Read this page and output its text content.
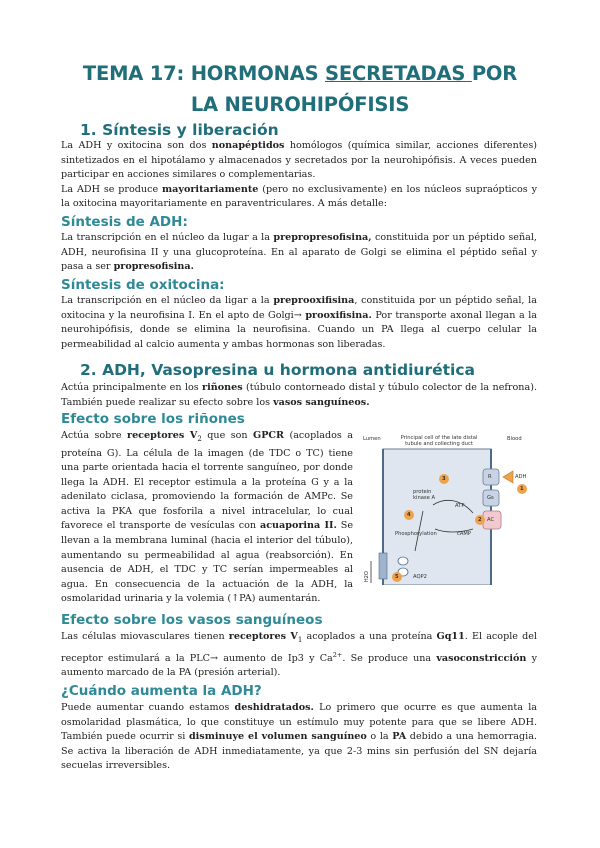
TEMA 17: HORMONAS SECRETADAS POR
LA NEUROHIPÓFISIS
1. Síntesis y liberación

La ADH y oxitocina son dos nonapéptidos homólogos (química similar, acciones diferentes) sintetizados en el hipotálamo y almacenados y secretados por la neurohipófisis. A veces pueden participar en acciones similares o complementarias.
La ADH se produce mayoritariamente (pero no exclusivamente) en los núcleos supraópticos y la oxitocina mayoritariamente en paraventriculares. A más detalle:

Síntesis de ADH:

La transcripción en el núcleo da lugar a la prepropresofisina, constituida por un péptido señal, ADH, neurofisina II y una glucoproteína. En al aparato de Golgi se elimina el péptido señal y pasa a ser propresofisina.

Síntesis de oxitocina:

La transcripción en el núcleo da ligar a la preprooxifisina, constituida por un péptido señal, la oxitocina y la neurofisina I. En el apto de Golgi→ prooxifisina. Por transporte axonal llegan a la neurohipófisis, donde se elimina la neurofisina. Cuando un PA llega al cuerpo celular la permeabilidad al calcio aumenta y ambas hormonas son liberadas.

2. ADH, Vasopresina u hormona antidiurética

Actúa principalmente en los riñones (túbulo contorneado distal y túbulo colector de la nefrona). También puede realizar su efecto sobre los vasos sanguíneos.

Efecto sobre los riñones

Actúa sobre receptores $V_2$ que son GPCR (acoplados a proteína G). La célula de la imagen (de TDC o TC) tiene una parte orientada hacia el torrente sanguíneo, por donde llega la ADH. El receptor estimula a la proteína G y a la adenilato ciclasa, promoviendo la formación de AMPc. Se activa la PKA que fosforila a nivel intracelular, lo cual favorece el transporte de vesículas con acuaporina II. Se llevan a la membrana luminal (hacia el interior del túbulo), aumentando su permeabilidad al agua (reabsorción). En ausencia de ADH, el TDC y TC serían impermeables al agua. En consecuencia de la actuación de la ADH, la osmolaridad urinaria y la volemia (↑PA) aumentarán.

Lumen	Principal cell of the late distal tubule and collecting duct
Blood
R	ADH
Gs
AC
ATP
cAMP
protein kinase A
Phosphorylation
AQP2
H2O
1
2
3
4
5
Efecto sobre los vasos sanguíneos

Las células miovasculares tienen receptores $V_1$ acoplados a una proteína Gq11. El acople del receptor estimulará a la PLC→ aumento de Ip3 y $Ca^{2+}$. Se produce una vasoconstricción y aumento marcado de la PA (presión arterial).

¿Cuándo aumenta la ADH?

Puede aumentar cuando estamos deshidratados. Lo primero que ocurre es que aumenta la osmolaridad plasmática, lo que constituye un estímulo muy potente para que se libere ADH. También puede ocurrir si disminuye el volumen sanguíneo o la PA debido a una hemorragia. Se activa la liberación de ADH inmediatamente, ya que 2-3 mins sin perfusión del SN dejaría secuelas irreversibles.
